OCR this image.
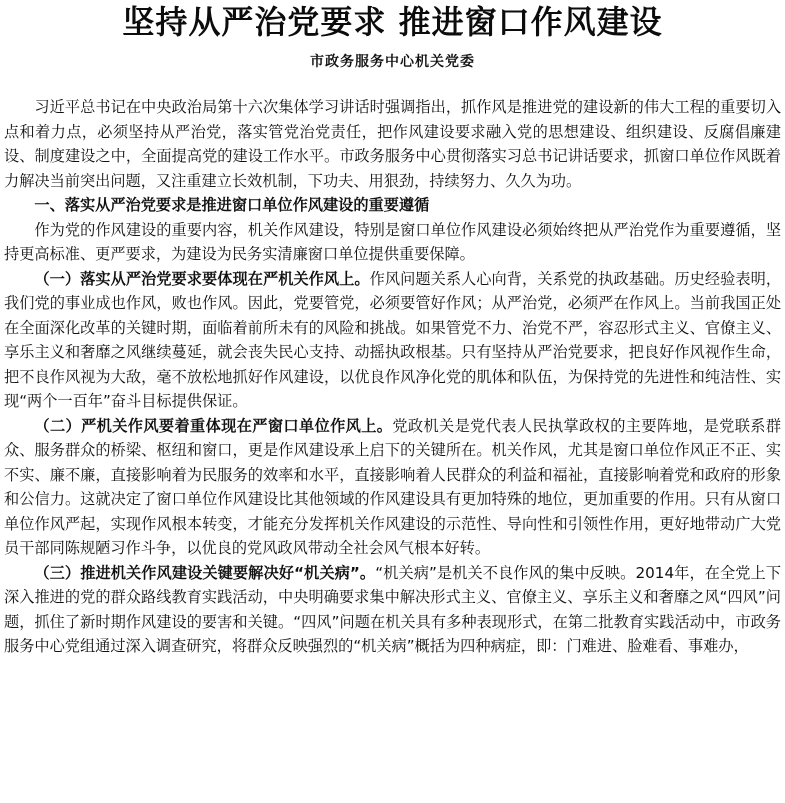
坚持从严治党要求 推进窗口作风建设
市政务服务中心机关党委

习近平总书记在中央政治局第十六次集体学习讲话时强调指出，抓作风是推进党的建设新的伟大工程的重要切入点和着力点，必须坚持从严治党，落实管党治党责任，把作风建设要求融入党的思想建设、组织建设、反腐倡廉建设、制度建设之中，全面提高党的建设工作水平。市政务服务中心贯彻落实习总书记讲话要求，抓窗口单位作风既着力解决当前突出问题，又注重建立长效机制，下功夫、用狠劲，持续努力、久久为功。

一、落实从严治党要求是推进窗口单位作风建设的重要遵循

作为党的作风建设的重要内容，机关作风建设，特别是窗口单位作风建设必须始终把从严治党作为重要遵循，坚持更高标准、更严要求，为建设为民务实清廉窗口单位提供重要保障。

（一）落实从严治党要求要体现在严机关作风上。作风问题关系人心向背，关系党的执政基础。历史经验表明，我们党的事业成也作风，败也作风。因此，党要管党，必须要管好作风；从严治党，必须严在作风上。当前我国正处在全面深化改革的关键时期，面临着前所未有的风险和挑战。如果管党不力、治党不严，容忍形式主义、官僚主义、享乐主义和奢靡之风继续蔓延，就会丧失民心支持、动摇执政根基。只有坚持从严治党要求，把良好作风视作生命，把不良作风视为大敌，毫不放松地抓好作风建设，以优良作风净化党的肌体和队伍，为保持党的先进性和纯洁性、实现“两个一百年”奋斗目标提供保证。

（二）严机关作风要着重体现在严窗口单位作风上。党政机关是党代表人民执掌政权的主要阵地，是党联系群众、服务群众的桥梁、枢纽和窗口，更是作风建设承上启下的关键所在。机关作风，尤其是窗口单位作风正不正、实不实、廉不廉，直接影响着为民服务的效率和水平，直接影响着人民群众的利益和福祉，直接影响着党和政府的形象和公信力。这就决定了窗口单位作风建设比其他领域的作风建设具有更加特殊的地位，更加重要的作用。只有从窗口单位作风严起，实现作风根本转变，才能充分发挥机关作风建设的示范性、导向性和引领性作用，更好地带动广大党员干部同陈规陋习作斗争，以优良的党风政风带动全社会风气根本好转。

（三）推进机关作风建设关键要解决好“机关病”。“机关病”是机关不良作风的集中反映。2014年，在全党上下深入推进的党的群众路线教育实践活动，中央明确要求集中解决形式主义、官僚主义、享乐主义和奢靡之风“四风”问题，抓住了新时期作风建设的要害和关键。“四风”问题在机关具有多种表现形式，在第二批教育实践活动中，市政务服务中心党组通过深入调查研究，将群众反映强烈的“机关病”概括为四种病症，即：门难进、脸难看、事难办，
